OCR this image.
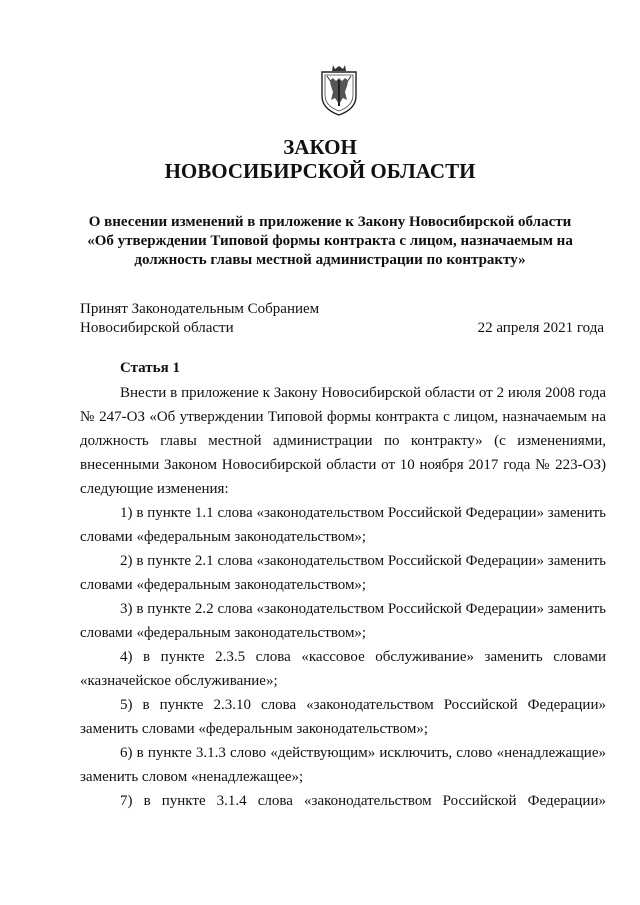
ЗАКОН
НОВОСИБИРСКОЙ ОБЛАСТИ
О внесении изменений в приложение к Закону Новосибирской области
«Об утверждении Типовой формы контракта с лицом, назначаемым на
должность главы местной администрации по контракту»
Принят Законодательным Собранием
Новосибирской области	22 апреля 2021 года
Статья 1
Внести в приложение к Закону Новосибирской области от 2 июля 2008 года
№ 247-ОЗ «Об утверждении Типовой формы контракта с лицом, назначаемым на
должность главы местной администрации по контракту» (с изменениями,
внесенными Законом Новосибирской области от 10 ноября 2017 года № 223-ОЗ)
следующие изменения:
1) в пункте 1.1 слова «законодательством Российской Федерации» заменить
словами «федеральным законодательством»;
2) в пункте 2.1 слова «законодательством Российской Федерации» заменить
словами «федеральным законодательством»;
3) в пункте 2.2 слова «законодательством Российской Федерации» заменить
словами «федеральным законодательством»;
4) в пункте 2.3.5 слова «кассовое обслуживание» заменить словами
«казначейское обслуживание»;
5) в пункте 2.3.10 слова «законодательством Российской Федерации»
заменить словами «федеральным законодательством»;
6) в пункте 3.1.3 слово «действующим» исключить, слово «ненадлежащие»
заменить словом «ненадлежащее»;
7) в пункте 3.1.4 слова «законодательством Российской Федерации»
